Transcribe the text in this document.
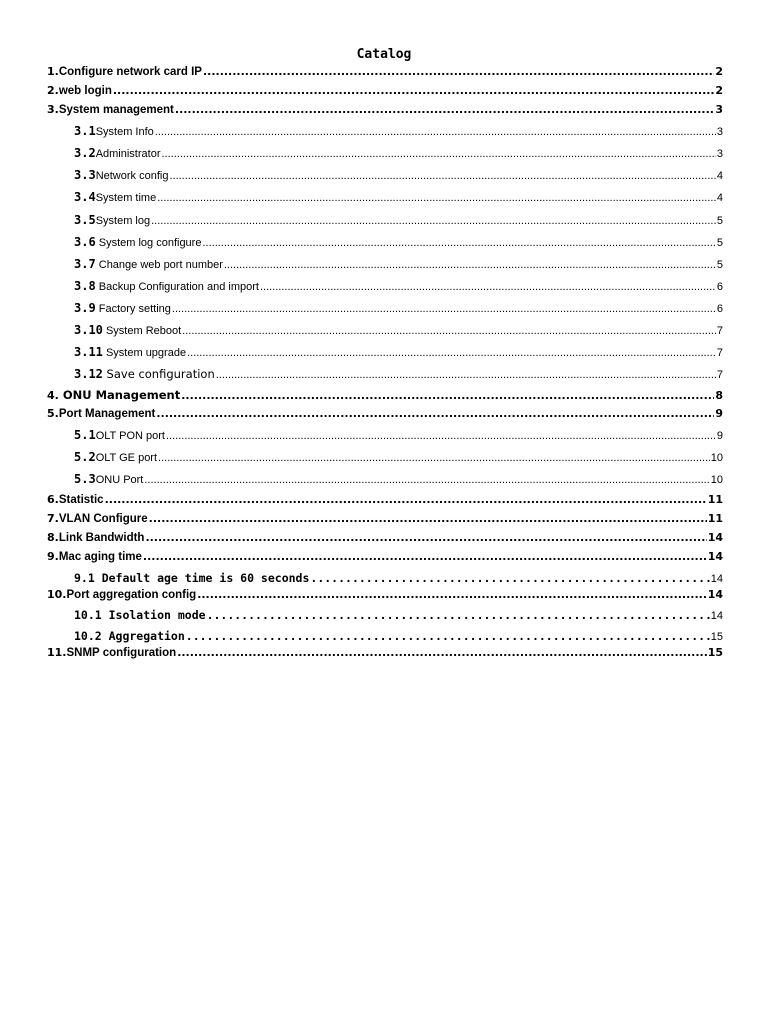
Catalog
1. Configure network card IP .....	2
2. web login .....	2
3. System management .....	3
3.1 System Info .....	3
3.2 Administrator .....	3
3.3 Network config .....	4
3.4 System time .....	4
3.5 System log .....	5
3.6 System log configure .....	5
3.7 Change web port number .....	5
3.8 Backup Configuration and import .....	6
3.9 Factory setting .....	6
3.10 System Reboot .....	7
3.11 System upgrade .....	7
3.12 Save configuration .....	7
4. ONU Management .....	8
5. Port Management .....	9
5.1 OLT PON port .....	9
5.2 OLT GE port .....	10
5.3 ONU Port .....	10
6. Statistic .....	11
7. VLAN Configure .....	11
8. Link Bandwidth .....	14
9. Mac aging time .....	14
9.1 Default age time is 60 seconds .....	14
10. Port aggregation config .....	14
10.1 Isolation mode .....	14
10.2 Aggregation .....	15
11. SNMP configuration .....	15
